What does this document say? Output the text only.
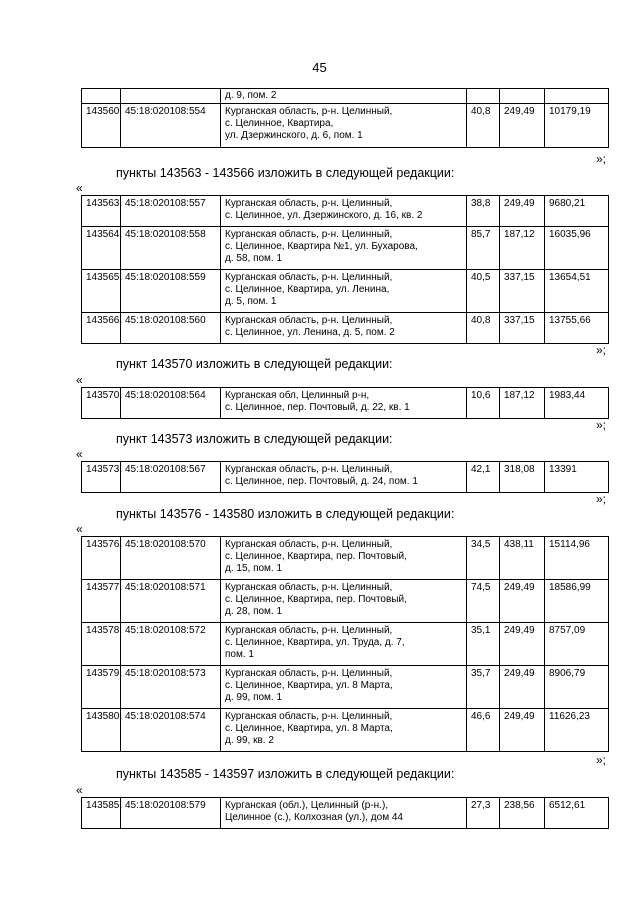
45
		д. 9, пом. 2			
143560.	45:18:020108:554	Курганская область, р-н. Целинный,
с. Целинное, Квартира,
ул. Дзержинского, д. 6, пом. 1	40,8	249,49	10179,19
»;
пункты 143563 - 143566 изложить в следующей редакции:
«
143563.	45:18:020108:557	Курганская область, р-н. Целинный,
с. Целинное, ул. Дзержинского, д. 16, кв. 2	38,8	249,49	9680,21
143564.	45:18:020108:558	Курганская область, р-н. Целинный,
с. Целинное, Квартира №1, ул. Бухарова,
д. 58, пом. 1	85,7	187,12	16035,96
143565.	45:18:020108:559	Курганская область, р-н. Целинный,
с. Целинное, Квартира, ул. Ленина,
д. 5, пом. 1	40,5	337,15	13654,51
143566.	45:18:020108:560	Курганская область, р-н. Целинный,
с. Целинное, ул. Ленина, д. 5, пом. 2	40,8	337,15	13755,66
»;
пункт 143570 изложить в следующей редакции:
«
143570.	45:18:020108:564	Курганская обл, Целинный р-н,
с. Целинное, пер. Почтовый, д. 22, кв. 1	10,6	187,12	1983,44
»;
пункт 143573 изложить в следующей редакции:
«
143573.	45:18:020108:567	Курганская область, р-н. Целинный,
с. Целинное, пер. Почтовый, д. 24, пом. 1	42,1	318,08	13391
»;
пункты 143576 - 143580 изложить в следующей редакции:
«
143576.	45:18:020108:570	Курганская область, р-н. Целинный,
с. Целинное, Квартира, пер. Почтовый,
д. 15, пом. 1	34,5	438,11	15114,96
143577.	45:18:020108:571	Курганская область, р-н. Целинный,
с. Целинное, Квартира, пер. Почтовый,
д. 28, пом. 1	74,5	249,49	18586,99
143578.	45:18:020108:572	Курганская область, р-н. Целинный,
с. Целинное, Квартира, ул. Труда, д. 7,
пом. 1	35,1	249,49	8757,09
143579.	45:18:020108:573	Курганская область, р-н. Целинный,
с. Целинное, Квартира, ул. 8 Марта,
д. 99, пом. 1	35,7	249,49	8906,79
143580.	45:18:020108:574	Курганская область, р-н. Целинный,
с. Целинное, Квартира, ул. 8 Марта,
д. 99, кв. 2	46,6	249,49	11626,23
»;
пункты 143585 - 143597 изложить в следующей редакции:
«
143585.	45:18:020108:579	Курганская (обл.), Целинный (р-н.),
Целинное (с.), Колхозная (ул.), дом 44	27,3	238,56	6512,61
